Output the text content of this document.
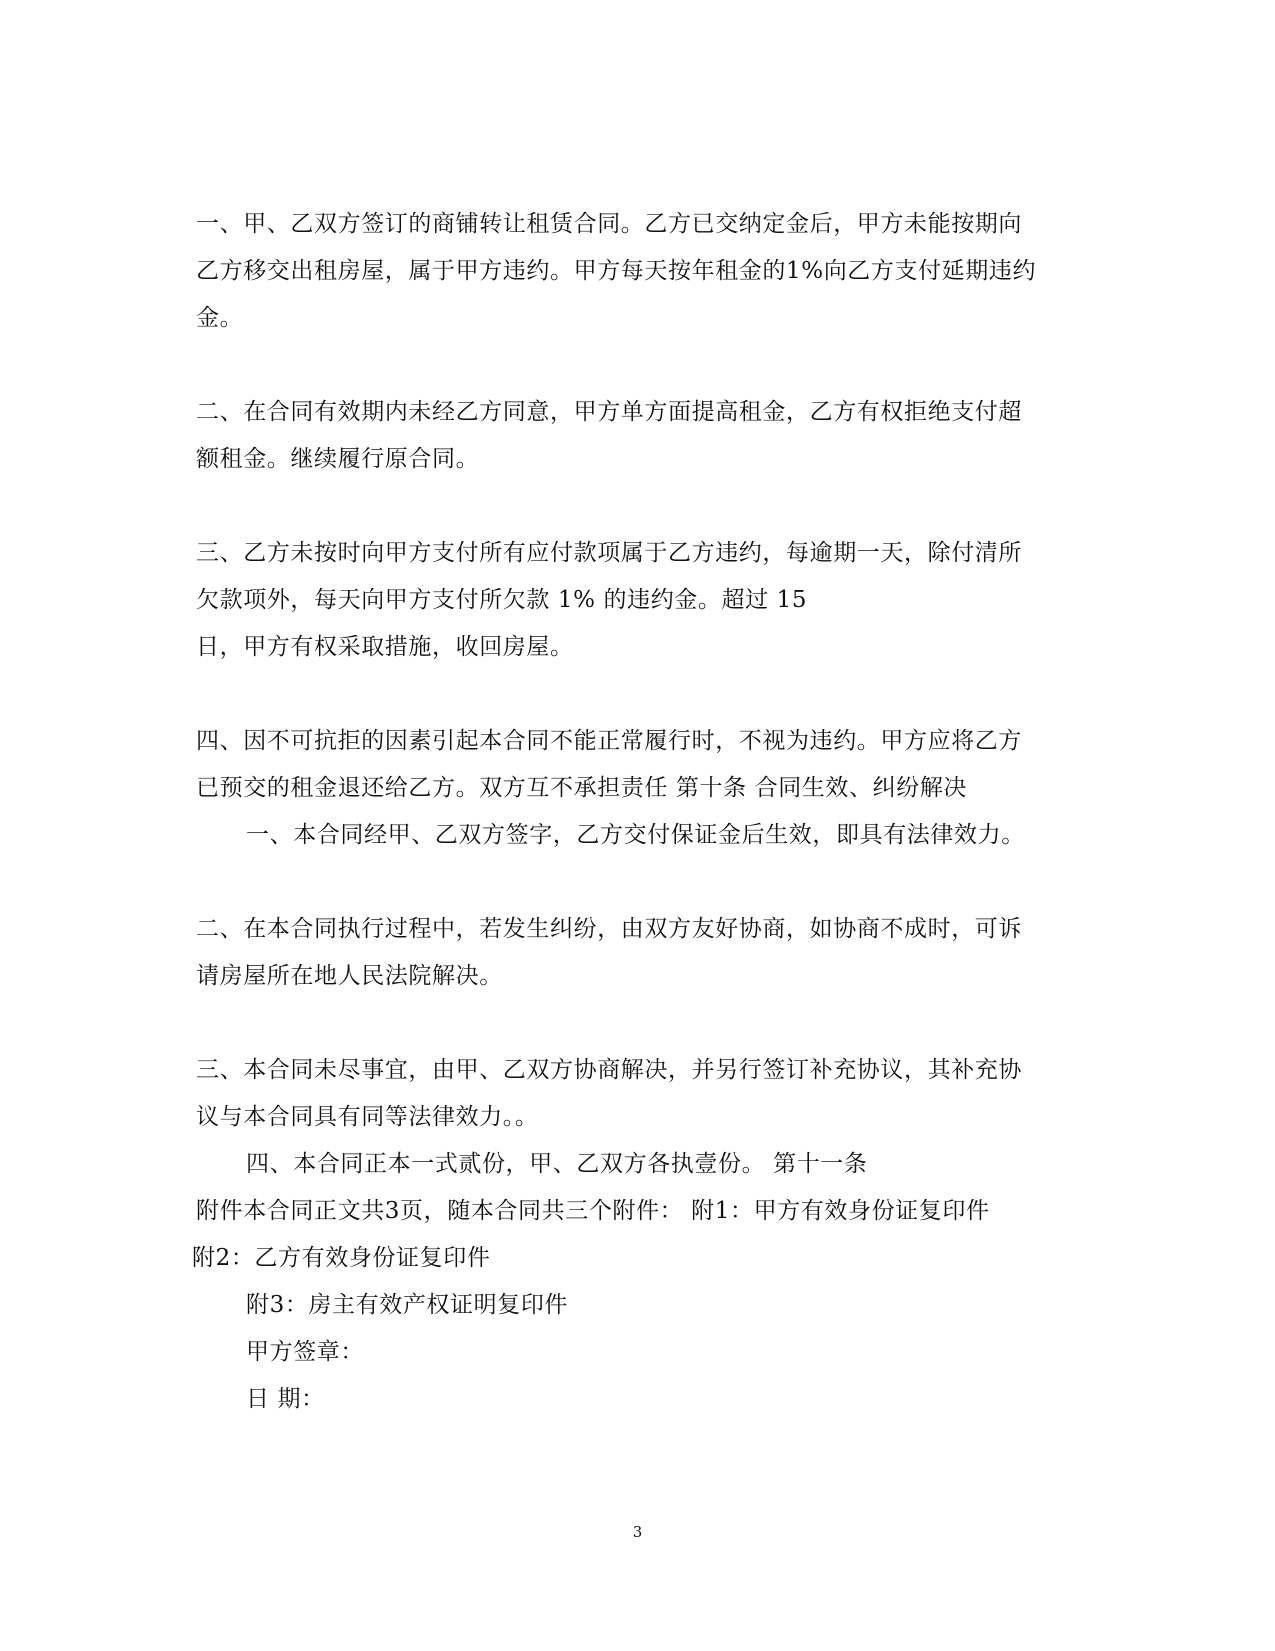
一、甲、乙双方签订的商铺转让租赁合同。乙方已交纳定金后，甲方未能按期向
乙方移交出租房屋，属于甲方违约。甲方每天按年租金的1%向乙方支付延期违约
金。
二、在合同有效期内未经乙方同意，甲方单方面提高租金，乙方有权拒绝支付超
额租金。继续履行原合同。
三、乙方未按时向甲方支付所有应付款项属于乙方违约，每逾期一天，除付清所
欠款项外，每天向甲方支付所欠款 1% 的违约金。超过 15
日，甲方有权采取措施，收回房屋。
四、因不可抗拒的因素引起本合同不能正常履行时，不视为违约。甲方应将乙方
已预交的租金退还给乙方。双方互不承担责任 第十条 合同生效、纠纷解决
一、本合同经甲、乙双方签字，乙方交付保证金后生效，即具有法律效力。
二、在本合同执行过程中，若发生纠纷，由双方友好协商，如协商不成时，可诉
请房屋所在地人民法院解决。
三、本合同未尽事宜，由甲、乙双方协商解决，并另行签订补充协议，其补充协
议与本合同具有同等法律效力。。
四、本合同正本一式贰份，甲、乙双方各执壹份。 第十一条
附件本合同正文共3页，随本合同共三个附件： 附1：甲方有效身份证复印件
附2：乙方有效身份证复印件
附3：房主有效产权证明复印件
甲方签章：
日 期：
3
